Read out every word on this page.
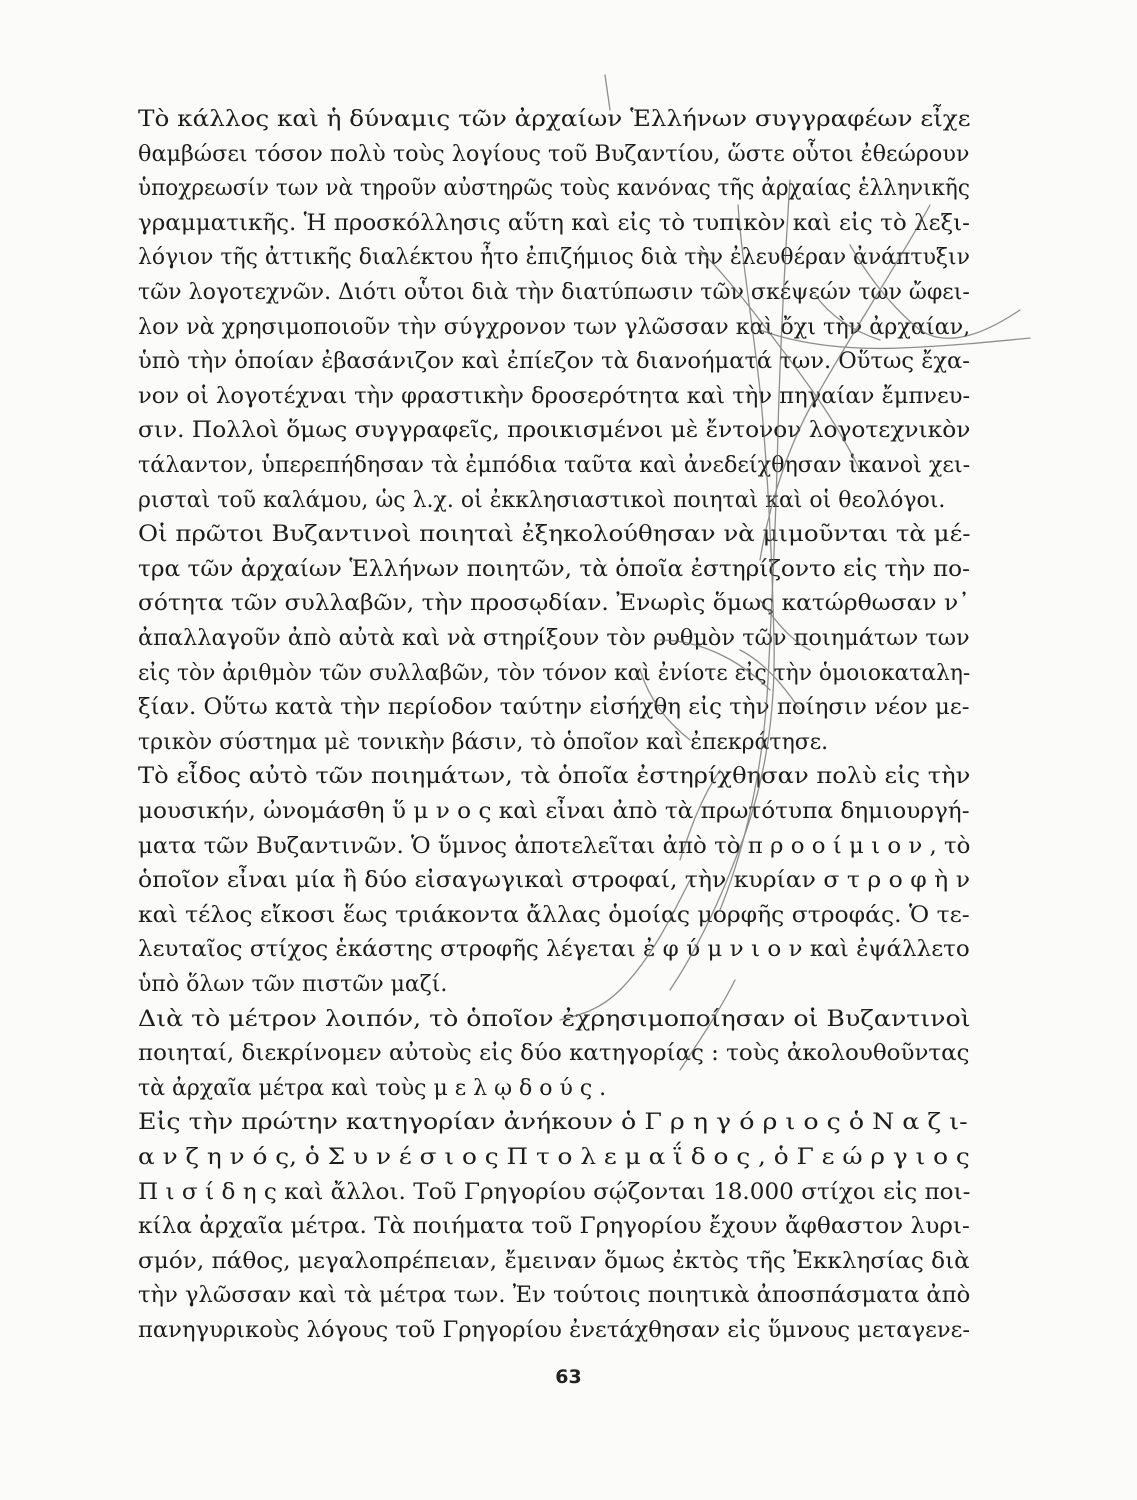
Τὸ κάλλος καὶ ἡ δύναμις τῶν ἀρχαίων Ἑλλήνων συγγραφέων εἶχε
θαμβώσει τόσον πολὺ τοὺς λογίους τοῦ Βυζαντίου, ὥστε οὗτοι ἐθεώρουν
ὑποχρεωσίν των νὰ τηροῦν αὐστηρῶς τοὺς κανόνας τῆς ἀρχαίας ἑλληνικῆς
γραμματικῆς. Ἡ προσκόλλησις αὕτη καὶ εἰς τὸ τυπικὸν καὶ εἰς τὸ λεξι-
λόγιον τῆς ἀττικῆς διαλέκτου ἦτο ἐπιζήμιος διὰ τὴν ἐλευθέραν ἀνάπτυξιν
τῶν λογοτεχνῶν. Διότι οὗτοι διὰ τὴν διατύπωσιν τῶν σκέψεών των ὤφει-
λον νὰ χρησιμοποιοῦν τὴν σύγχρονον των γλῶσσαν καὶ ὄχι τὴν ἀρχαίαν,
ὑπὸ τὴν ὁποίαν ἐβασάνιζον καὶ ἐπίεζον τὰ διανοήματά των. Οὕτως ἔχα-
νον οἱ λογοτέχναι τὴν φραστικὴν δροσερότητα καὶ τὴν πηγαίαν ἔμπνευ-
σιν. Πολλοὶ ὅμως συγγραφεῖς, προικισμένοι μὲ ἔντονον λογοτεχνικὸν
τάλαντον, ὑπερεπήδησαν τὰ ἐμπόδια ταῦτα καὶ ἀνεδείχθησαν ἱκανοὶ χει-
ρισταὶ τοῦ καλάμου, ὡς λ.χ. οἱ ἐκκλησιαστικοὶ ποιηταὶ καὶ οἱ θεολόγοι.
Οἱ πρῶτοι Βυζαντινοὶ ποιηταὶ ἐξηκολούθησαν νὰ μιμοῦνται τὰ μέ-
τρα τῶν ἀρχαίων Ἑλλήνων ποιητῶν, τὰ ὁποῖα ἐστηρίζοντο εἰς τὴν πο-
σότητα τῶν συλλαβῶν, τὴν προσῳδίαν. Ἐνωρὶς ὅμως κατώρθωσαν ν᾽
ἀπαλλαγοῦν ἀπὸ αὐτὰ καὶ νὰ στηρίξουν τὸν ρυθμὸν τῶν ποιημάτων των
εἰς τὸν ἀριθμὸν τῶν συλλαβῶν, τὸν τόνον καὶ ἐνίοτε εἰς τὴν ὁμοιοκαταλη-
ξίαν. Οὕτω κατὰ τὴν περίοδον ταύτην εἰσήχθη εἰς τὴν ποίησιν νέον με-
τρικὸν σύστημα μὲ τονικὴν βάσιν, τὸ ὁποῖον καὶ ἐπεκράτησε.
Τὸ εἶδος αὐτὸ τῶν ποιημάτων, τὰ ὁποῖα ἐστηρίχθησαν πολὺ εἰς τὴν
μουσικήν, ὠνομάσθη ὕ μ ν ο ς καὶ εἶναι ἀπὸ τὰ πρωτότυπα δημιουργή-
ματα τῶν Βυζαντινῶν. Ὁ ὕμνος ἀποτελεῖται ἀπὸ τὸ π ρ ο ο ί μ ι ο ν , τὸ
ὁποῖον εἶναι μία ἢ δύο εἰσαγωγικαὶ στροφαί, τὴν κυρίαν σ τ ρ ο φ ὴ ν
καὶ τέλος εἴκοσι ἕως τριάκοντα ἄλλας ὁμοίας μορφῆς στροφάς. Ὁ τε-
λευταῖος στίχος ἑκάστης στροφῆς λέγεται ἐ φ ύ μ ν ι ο ν καὶ ἐψάλλετο
ὑπὸ ὅλων τῶν πιστῶν μαζί.
Διὰ τὸ μέτρον λοιπόν, τὸ ὁποῖον ἐχρησιμοποίησαν οἱ Βυζαντινοὶ
ποιηταί, διεκρίνομεν αὐτοὺς εἰς δύο κατηγορίας : τοὺς ἀκολουθοῦντας
τὰ ἀρχαῖα μέτρα καὶ τοὺς μ ε λ ῳ δ ο ύ ς .
Εἰς τὴν πρώτην κατηγορίαν ἀνήκουν ὁ Γ ρ η γ ό ρ ι ο ς ὁ Ν α ζ ι-
α ν ζ η ν ό ς, ὁ Σ υ ν έ σ ι ο ς Π τ ο λ ε μ α ΐ δ ο ς , ὁ Γ ε ώ ρ γ ι ο ς
Π ι σ ί δ η ς καὶ ἄλλοι. Τοῦ Γρηγορίου σῴζονται 18.000 στίχοι εἰς ποι-
κίλα ἀρχαῖα μέτρα. Τὰ ποιήματα τοῦ Γρηγορίου ἔχουν ἄφθαστον λυρι-
σμόν, πάθος, μεγαλοπρέπειαν, ἔμειναν ὅμως ἐκτὸς τῆς Ἐκκλησίας διὰ
τὴν γλῶσσαν καὶ τὰ μέτρα των. Ἐν τούτοις ποιητικὰ ἀποσπάσματα ἀπὸ
πανηγυρικοὺς λόγους τοῦ Γρηγορίου ἐνετάχθησαν εἰς ὕμνους μεταγενε-
63
